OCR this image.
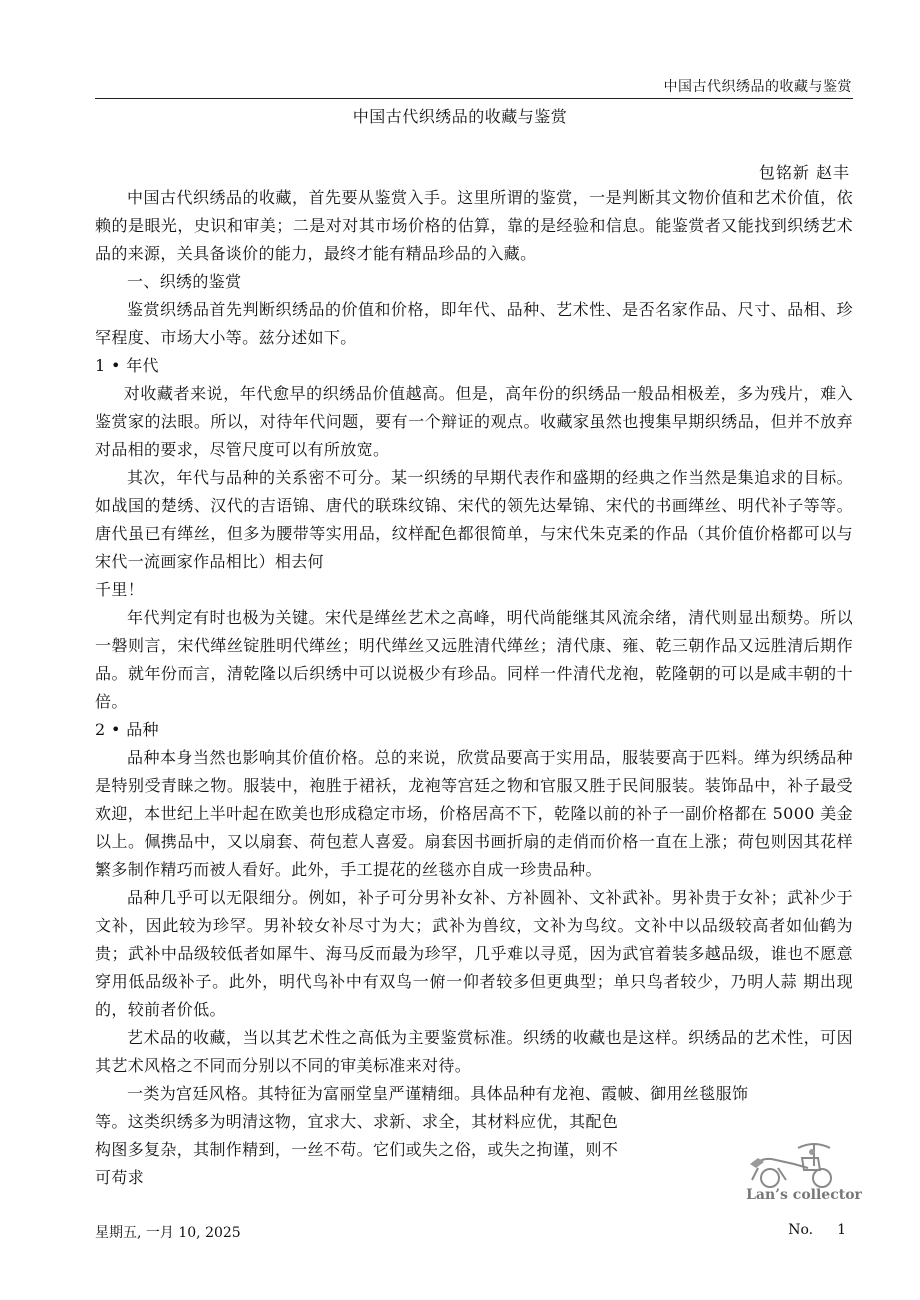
中国古代织绣品的收藏与鉴赏
中国古代织绣品的收藏与鉴赏
包铭新 赵丰

中国古代织绣品的收藏，首先要从鉴赏入手。这里所谓的鉴赏，一是判断其文物价值和艺术价值，依赖的是眼光，史识和审美；二是对对其市场价格的估算，靠的是经验和信息。能鉴赏者又能找到织绣艺术品的来源，关具备谈价的能力，最终才能有精品珍品的入藏。

一、织绣的鉴赏

鉴赏织绣品首先判断织绣品的价值和价格，即年代、品种、艺术性、是否名家作品、尺寸、品相、珍罕程度、市场大小等。兹分述如下。

1 • 年代

对收藏者来说，年代愈早的织绣品价值越高。但是，高年份的织绣品一般品相极差，多为残片，难入鉴赏家的法眼。所以，对待年代问题，要有一个辩证的观点。收藏家虽然也搜集早期织绣品，但并不放弃对品相的要求，尽管尺度可以有所放宽。

其次，年代与品种的关系密不可分。某一织绣的早期代表作和盛期的经典之作当然是集追求的目标。如战国的楚绣、汉代的吉语锦、唐代的联珠纹锦、宋代的领先达晕锦、宋代的书画缂丝、明代补子等等。唐代虽已有缂丝，但多为腰带等实用品，纹样配色都很简单，与宋代朱克柔的作品（其价值价格都可以与宋代一流画家作品相比）相去何

千里！

年代判定有时也极为关键。宋代是缂丝艺术之高峰，明代尚能继其风流余绪，清代则显出颓势。所以一磐则言，宋代缂丝锭胜明代缂丝；明代缂丝又远胜清代缂丝；清代康、雍、乾三朝作品又远胜清后期作品。就年份而言，清乾隆以后织绣中可以说极少有珍品。同样一件清代龙袍，乾隆朝的可以是咸丰朝的十倍。

2 • 品种

品种本身当然也影响其价值价格。总的来说，欣赏品要高于实用品，服装要高于匹料。缂为织绣品种是特别受青睐之物。服装中，袍胜于裙袄，龙袍等宫廷之物和官服又胜于民间服装。装饰品中，补子最受欢迎，本世纪上半叶起在欧美也形成稳定市场，价格居高不下，乾隆以前的补子一副价格都在 5000 美金以上。佩携品中，又以扇套、荷包惹人喜爱。扇套因书画折扇的走俏而价格一直在上涨；荷包则因其花样繁多制作精巧而被人看好。此外，手工提花的丝毯亦自成一珍贵品种。

品种几乎可以无限细分。例如，补子可分男补女补、方补圆补、文补武补。男补贵于女补；武补少于文补，因此较为珍罕。男补较女补尽寸为大；武补为兽纹，文补为鸟纹。文补中以品级较高者如仙鹤为贵；武补中品级较低者如犀牛、海马反而最为珍罕，几乎难以寻觅，因为武官着装多越品级，谁也不愿意穿用低品级补子。此外，明代鸟补中有双鸟一俯一仰者较多但更典型；单只鸟者较少，乃明人蒜 期出现的，较前者价低。

艺术品的收藏，当以其艺术性之高低为主要鉴赏标准。织绣的收藏也是这样。织绣品的艺术性，可因其艺术风格之不同而分别以不同的审美标准来对待。

一类为宫廷风格。其特征为富丽堂皇严谨精细。具体品种有龙袍、霞帔、御用丝毯服饰

等。这类织绣多为明清这物，宜求大、求新、求全，其材料应优，其配色

构图多复杂，其制作精到，一丝不苟。它们或失之俗，或失之拘谨，则不

可苟求

Lan’s collector
星期五, 一月 10, 2025	No. 1
